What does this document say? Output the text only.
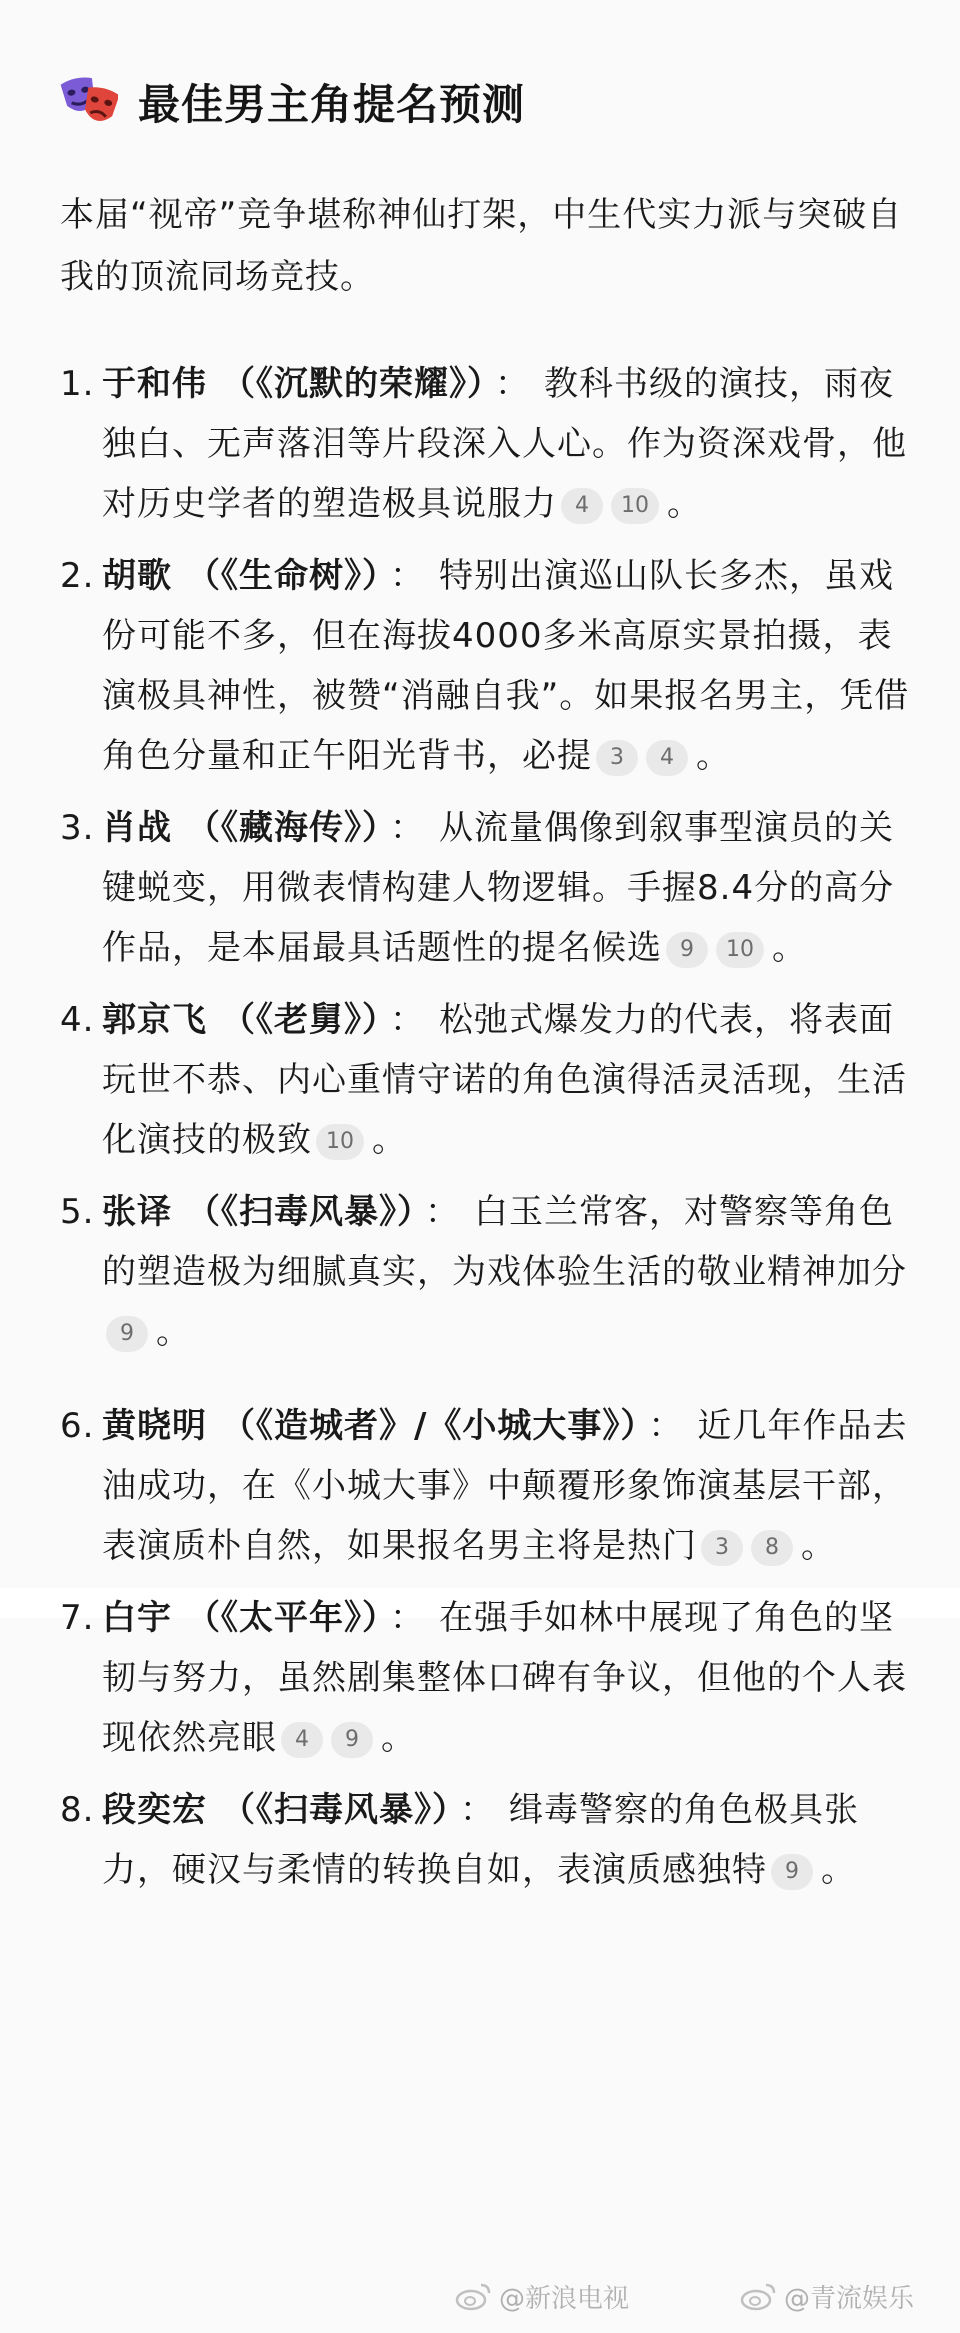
最佳男主角提名预测
本届“视帝”竞争堪称神仙打架，中生代实力派与突破自我的顶流同场竞技。
1. 于和伟 （《沉默的荣耀》） ： 教科书级的演技，雨夜独白、无声落泪等片段深入人心。作为资深戏骨，他对历史学者的塑造极具说服力 4 10 。
2. 胡歌 （《生命树》） ： 特别出演巡山队长多杰，虽戏份可能不多，但在海拔4000多米高原实景拍摄，表演极具神性，被赞“消融自我”。如果报名男主，凭借角色分量和正午阳光背书，必提 3 4 。
3. 肖战 （《藏海传》） ： 从流量偶像到叙事型演员的关键蜕变，用微表情构建人物逻辑。手握8.4分的高分作品，是本届最具话题性的提名候选 9 10 。
4. 郭京飞 （《老舅》） ： 松弛式爆发力的代表，将表面玩世不恭、内心重情守诺的角色演得活灵活现，生活化演技的极致 10 。
5. 张译 （《扫毒风暴》） ： 白玉兰常客，对警察等角色的塑造极为细腻真实，为戏体验生活的敬业精神加分9 。
6. 黄晓明 （《造城者》/《小城大事》） ： 近几年作品去油成功，在《小城大事》中颠覆形象饰演基层干部，表演质朴自然，如果报名男主将是热门 3 8 。
7. 白宇 （《太平年》） ： 在强手如林中展现了角色的坚韧与努力，虽然剧集整体口碑有争议，但他的个人表现依然亮眼 4 9 。
8. 段奕宏 （《扫毒风暴》） ： 缉毒警察的角色极具张力，硬汉与柔情的转换自如，表演质感独特 9 。
@新浪电视	@青流娱乐
